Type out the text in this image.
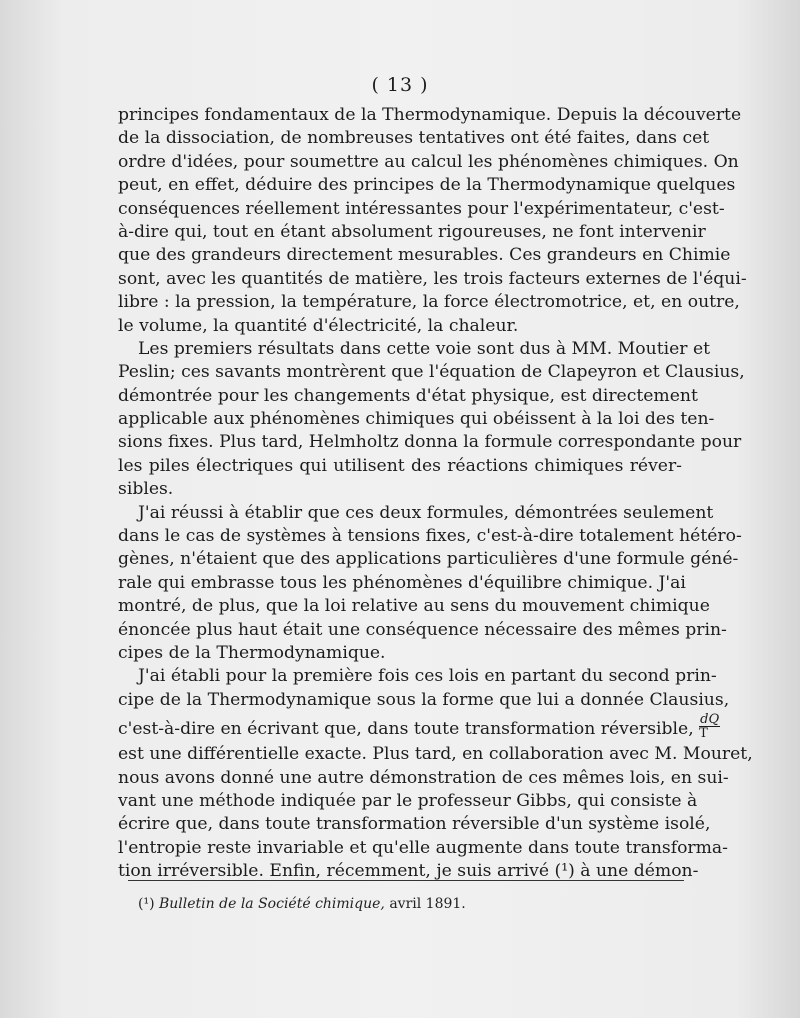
( 13 )
principes fondamentaux de la Thermodynamique. Depuis la découverte
de la dissociation, de nombreuses tentatives ont été faites, dans cet
ordre d'idées, pour soumettre au calcul les phénomènes chimiques. On
peut, en effet, déduire des principes de la Thermodynamique quelques
conséquences réellement intéressantes pour l'expérimentateur, c'est-
à-dire qui, tout en étant absolument rigoureuses, ne font intervenir
que des grandeurs directement mesurables. Ces grandeurs en Chimie
sont, avec les quantités de matière, les trois facteurs externes de l'équi-
libre : la pression, la température, la force électromotrice, et, en outre,
le volume, la quantité d'électricité, la chaleur.
Les premiers résultats dans cette voie sont dus à MM. Moutier et
Peslin; ces savants montrèrent que l'équation de Clapeyron et Clausius,
démontrée pour les changements d'état physique, est directement
applicable aux phénomènes chimiques qui obéissent à la loi des ten-
sions fixes. Plus tard, Helmholtz donna la formule correspondante pour
les piles électriques qui utilisent des réactions chimiques réver-
sibles.
J'ai réussi à établir que ces deux formules, démontrées seulement
dans le cas de systèmes à tensions fixes, c'est-à-dire totalement hétéro-
gènes, n'étaient que des applications particulières d'une formule géné-
rale qui embrasse tous les phénomènes d'équilibre chimique. J'ai
montré, de plus, que la loi relative au sens du mouvement chimique
énoncée plus haut était une conséquence nécessaire des mêmes prin-
cipes de la Thermodynamique.
J'ai établi pour la première fois ces lois en partant du second prin-
cipe de la Thermodynamique sous la forme que lui a donnée Clausius,
c'est-à-dire en écrivant que, dans toute transformation réversible, $\frac{dQ}{T}$
est une différentielle exacte. Plus tard, en collaboration avec M. Mouret,
nous avons donné une autre démonstration de ces mêmes lois, en sui-
vant une méthode indiquée par le professeur Gibbs, qui consiste à
écrire que, dans toute transformation réversible d'un système isolé,
l'entropie reste invariable et qu'elle augmente dans toute transforma-
tion irréversible. Enfin, récemment, je suis arrivé (¹) à une démon-
(¹) Bulletin de la Société chimique, avril 1891.
